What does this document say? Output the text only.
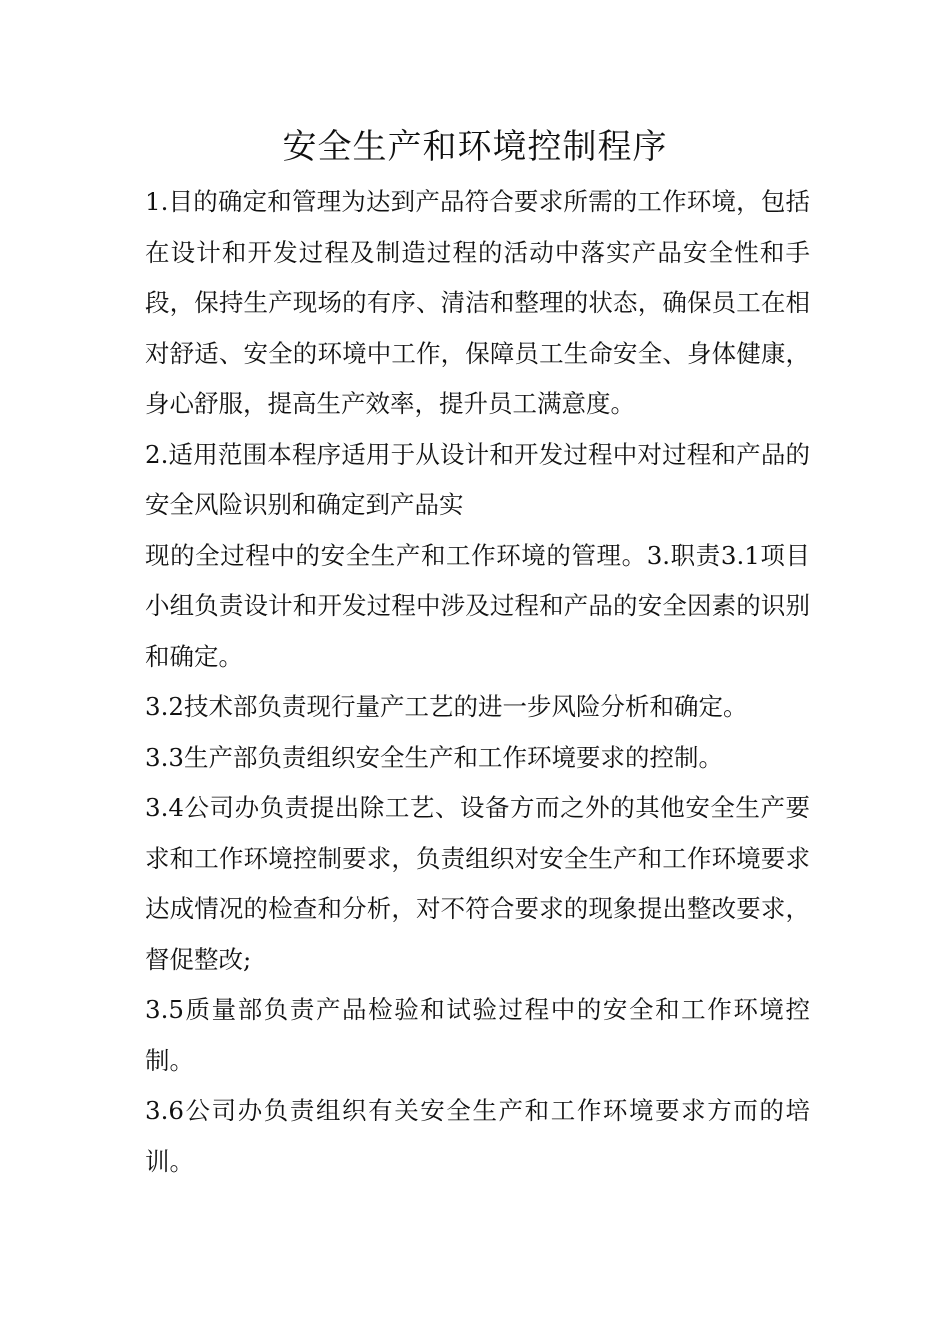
安全生产和环境控制程序

1.目的确定和管理为达到产品符合要求所需的工作环境，包括在设计和开发过程及制造过程的活动中落实产品安全性和手段，保持生产现场的有序、清洁和整理的状态，确保员工在相对舒适、安全的环境中工作，保障员工生命安全、身体健康，身心舒服，提高生产效率，提升员工满意度。

2.适用范围本程序适用于从设计和开发过程中对过程和产品的安全风险识别和确定到产品实

现的全过程中的安全生产和工作环境的管理。3.职责3.1项目小组负责设计和开发过程中涉及过程和产品的安全因素的识别和确定。

3.2技术部负责现行量产工艺的进一步风险分析和确定。

3.3生产部负责组织安全生产和工作环境要求的控制。

3.4公司办负责提出除工艺、设备方而之外的其他安全生产要求和工作环境控制要求，负责组织对安全生产和工作环境要求达成情况的检查和分析，对不符合要求的现象提出整改要求，督促整改;

3.5质量部负责产品检验和试验过程中的安全和工作环境控制。

3.6公司办负责组织有关安全生产和工作环境要求方而的培训。
